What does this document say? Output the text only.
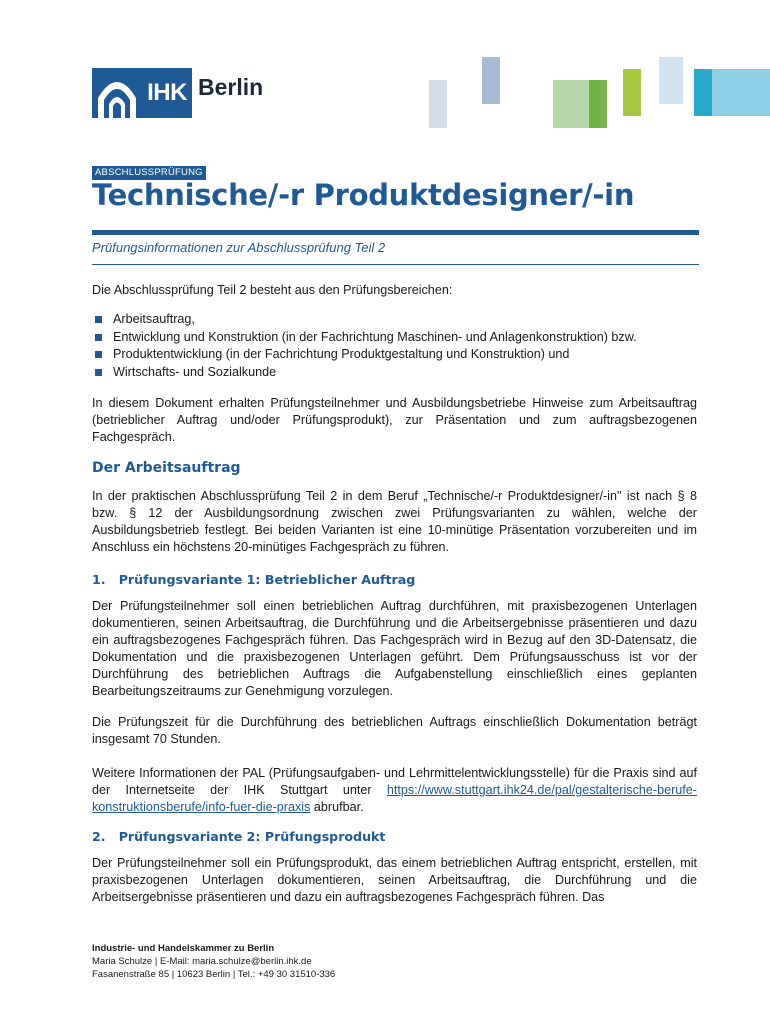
IHK Berlin
ABSCHLUSSPRÜFUNG
Technische/-r Produktdesigner/-in
Prüfungsinformationen zur Abschlussprüfung Teil 2
Die Abschlussprüfung Teil 2 besteht aus den Prüfungsbereichen:
Arbeitsauftrag,
Entwicklung und Konstruktion (in der Fachrichtung Maschinen- und Anlagenkonstruktion) bzw.
Produktentwicklung (in der Fachrichtung Produktgestaltung und Konstruktion) und
Wirtschafts- und Sozialkunde
In diesem Dokument erhalten Prüfungsteilnehmer und Ausbildungsbetriebe Hinweise zum Arbeitsauftrag (betrieblicher Auftrag und/oder Prüfungsprodukt), zur Präsentation und zum auftragsbezogenen Fachgespräch.
Der Arbeitsauftrag
In der praktischen Abschlussprüfung Teil 2 in dem Beruf „Technische/-r Produktdesigner/-in" ist nach § 8 bzw. § 12 der Ausbildungsordnung zwischen zwei Prüfungsvarianten zu wählen, welche der Ausbildungsbetrieb festlegt. Bei beiden Varianten ist eine 10-minütige Präsentation vorzubereiten und im Anschluss ein höchstens 20-minütiges Fachgespräch zu führen.
1.   Prüfungsvariante 1: Betrieblicher Auftrag
Der Prüfungsteilnehmer soll einen betrieblichen Auftrag durchführen, mit praxisbezogenen Unterlagen dokumentieren, seinen Arbeitsauftrag, die Durchführung und die Arbeitsergebnisse präsentieren und dazu ein auftragsbezogenes Fachgespräch führen. Das Fachgespräch wird in Bezug auf den 3D-Datensatz, die Dokumentation und die praxisbezogenen Unterlagen geführt. Dem Prüfungsausschuss ist vor der Durchführung des betrieblichen Auftrags die Aufgabenstellung einschließlich eines geplanten Bearbeitungszeitraums zur Genehmigung vorzulegen.
Die Prüfungszeit für die Durchführung des betrieblichen Auftrags einschließlich Dokumentation beträgt insgesamt 70 Stunden.
Weitere Informationen der PAL (Prüfungsaufgaben- und Lehrmittelentwicklungsstelle) für die Praxis sind auf der Internetseite der IHK Stuttgart unter https://www.stuttgart.ihk24.de/pal/gestalterische-berufe-konstruktionsberufe/info-fuer-die-praxis abrufbar.
2.   Prüfungsvariante 2: Prüfungsprodukt
Der Prüfungsteilnehmer soll ein Prüfungsprodukt, das einem betrieblichen Auftrag entspricht, erstellen, mit praxisbezogenen Unterlagen dokumentieren, seinen Arbeitsauftrag, die Durchführung und die Arbeitsergebnisse präsentieren und dazu ein auftragsbezogenes Fachgespräch führen. Das
Industrie- und Handelskammer zu Berlin
Maria Schulze | E-Mail: maria.schulze@berlin.ihk.de
Fasanenstraße 85 | 10623 Berlin | Tel.: +49 30 31510-336
